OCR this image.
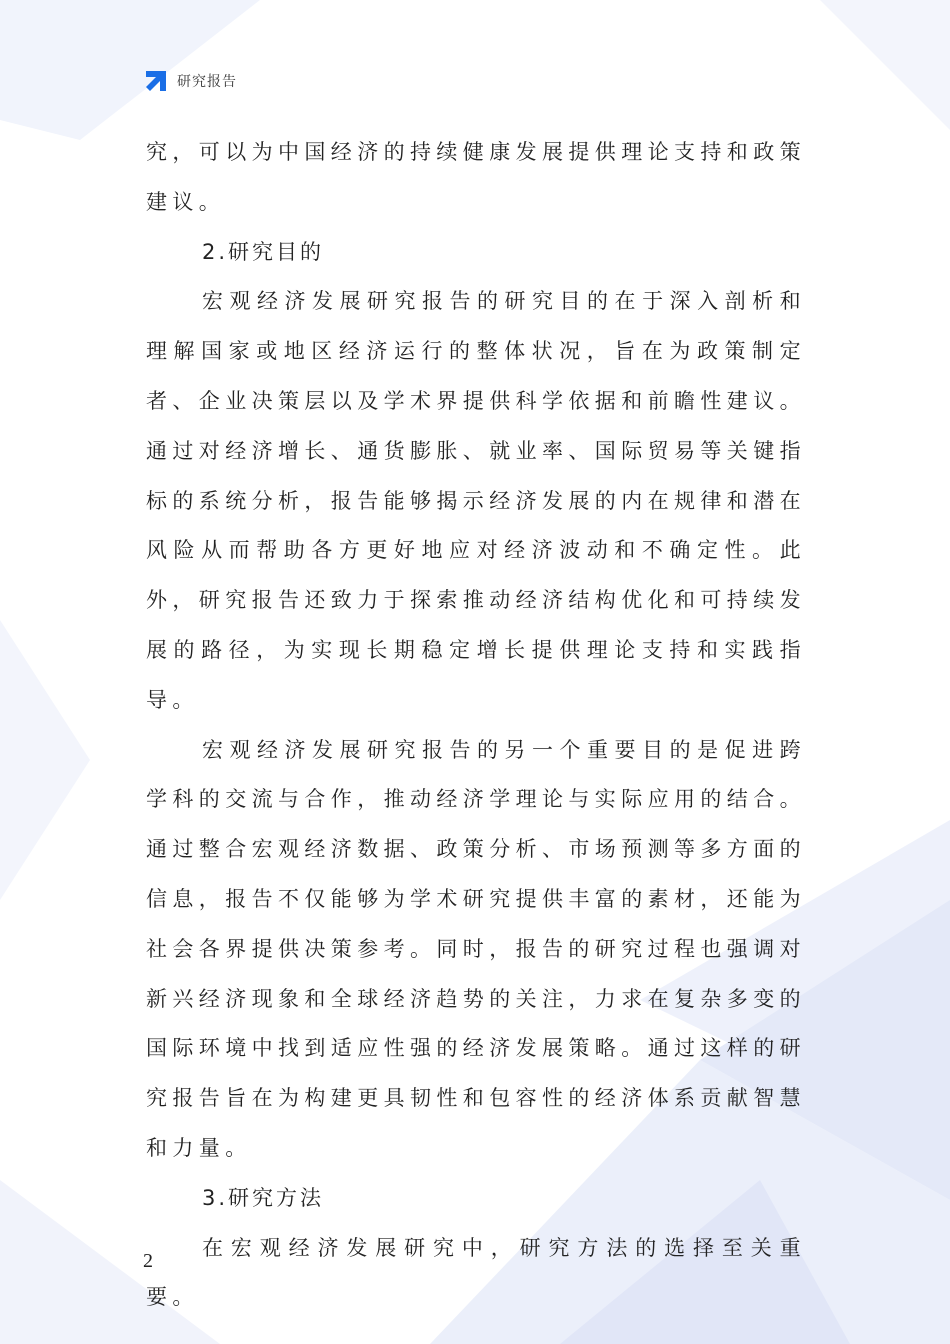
研究报告

究，可以为中国经济的持续健康发展提供理论支持和政策建议。

2.研究目的

宏观经济发展研究报告的研究目的在于深入剖析和理解国家或地区经济运行的整体状况，旨在为政策制定者、企业决策层以及学术界提供科学依据和前瞻性建议。通过对经济增长、通货膨胀、就业率、国际贸易等关键指标的系统分析，报告能够揭示经济发展的内在规律和潜在风险从而帮助各方更好地应对经济波动和不确定性。此外，研究报告还致力于探索推动经济结构优化和可持续发展的路径，为实现长期稳定增长提供理论支持和实践指导。

宏观经济发展研究报告的另一个重要目的是促进跨学科的交流与合作，推动经济学理论与实际应用的结合。通过整合宏观经济数据、政策分析、市场预测等多方面的信息，报告不仅能够为学术研究提供丰富的素材，还能为社会各界提供决策参考。同时，报告的研究过程也强调对新兴经济现象和全球经济趋势的关注，力求在复杂多变的国际环境中找到适应性强的经济发展策略。通过这样的研究报告旨在为构建更具韧性和包容性的经济体系贡献智慧和力量。

3.研究方法

在宏观经济发展研究中，研究方法的选择至关重要。

2
